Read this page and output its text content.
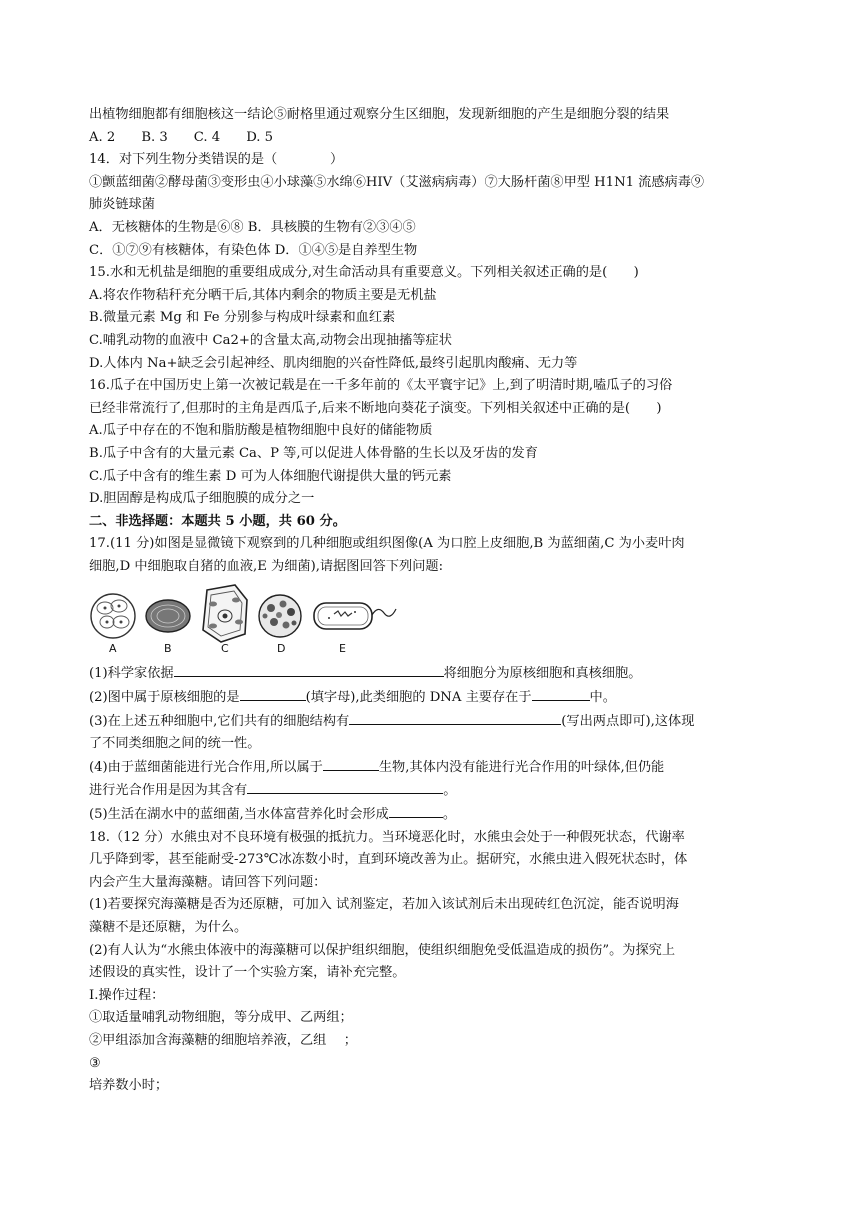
出植物细胞都有细胞核这一结论⑤耐格里通过观察分生区细胞，发现新细胞的产生是细胞分裂的结果
A. 2 B. 3 C. 4 D. 5
14．对下列生物分类错误的是（　　　　）
①颤蓝细菌②酵母菌③变形虫④小球藻⑤水绵⑥HIV（艾滋病病毒）⑦大肠杆菌⑧甲型 H1N1 流感病毒⑨
肺炎链球菌
A．无核糖体的生物是⑥⑧ B．具核膜的生物有②③④⑤
C．①⑦⑨有核糖体，有染色体 D．①④⑤是自养型生物
15.水和无机盐是细胞的重要组成成分,对生命活动具有重要意义。下列相关叙述正确的是(　　)
A.将农作物秸秆充分晒干后,其体内剩余的物质主要是无机盐
B.微量元素 Mg 和 Fe 分别参与构成叶绿素和血红素
C.哺乳动物的血液中 Ca2+的含量太高,动物会出现抽搐等症状
D.人体内 Na+缺乏会引起神经、肌肉细胞的兴奋性降低,最终引起肌肉酸痛、无力等
16.瓜子在中国历史上第一次被记载是在一千多年前的《太平寰宇记》上,到了明清时期,嗑瓜子的习俗
已经非常流行了,但那时的主角是西瓜子,后来不断地向葵花子演变。下列相关叙述中正确的是(　　)
A.瓜子中存在的不饱和脂肪酸是植物细胞中良好的储能物质
B.瓜子中含有的大量元素 Ca、P 等,可以促进人体骨骼的生长以及牙齿的发育
C.瓜子中含有的维生素 D 可为人体细胞代谢提供大量的钙元素
D.胆固醇是构成瓜子细胞膜的成分之一
二、非选择题：本题共 5 小题，共 60 分。
17.(11 分)如图是显微镜下观察到的几种细胞或组织图像(A 为口腔上皮细胞,B 为蓝细菌,C 为小麦叶肉
细胞,D 中细胞取自猪的血液,E 为细菌),请据图回答下列问题:
A	B	C	D	E
(1)科学家依据	将细胞分为原核细胞和真核细胞。
(2)图中属于原核细胞的是	(填字母),此类细胞的 DNA 主要存在于	中。
(3)在上述五种细胞中,它们共有的细胞结构有	(写出两点即可),这体现
了不同类细胞之间的统一性。
(4)由于蓝细菌能进行光合作用,所以属于	生物,其体内没有能进行光合作用的叶绿体,但仍能
进行光合作用是因为其含有	。
(5)生活在湖水中的蓝细菌,当水体富营养化时会形成	。
18.（12 分）水熊虫对不良环境有极强的抵抗力。当环境恶化时，水熊虫会处于一种假死状态，代谢率
几乎降到零，甚至能耐受-273℃冰冻数小时，直到环境改善为止。据研究，水熊虫进入假死状态时，体
内会产生大量海藻糖。请回答下列问题：
(1)若要探究海藻糖是否为还原糖，可加入 试剂鉴定，若加入该试剂后未出现砖红色沉淀，能否说明海
藻糖不是还原糖，为什么。
(2)有人认为“水熊虫体液中的海藻糖可以保护组织细胞，使组织细胞免受低温造成的损伤”。为探究上
述假设的真实性，设计了一个实验方案，请补充完整。
I.操作过程：
①取适量哺乳动物细胞，等分成甲、乙两组；
②甲组添加含海藻糖的细胞培养液，乙组　 ；
③
培养数小时；
